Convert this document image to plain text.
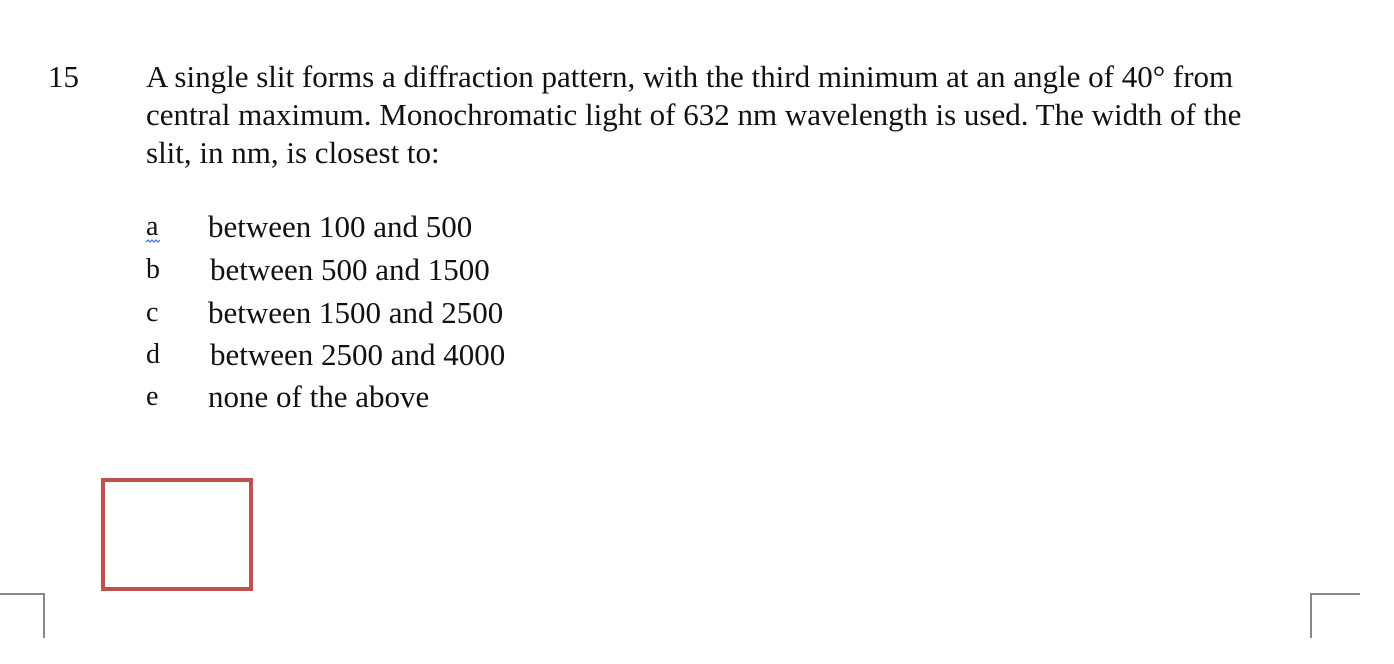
15 A single slit forms a diffraction pattern, with the third minimum at an angle of 40° from
central maximum. Monochromatic light of 632 nm wavelength is used. The width of the
slit, in nm, is closest to:
a	between 100 and 500
b	between 500 and 1500
c	between 1500 and 2500
d	between 2500 and 4000
e	none of the above
